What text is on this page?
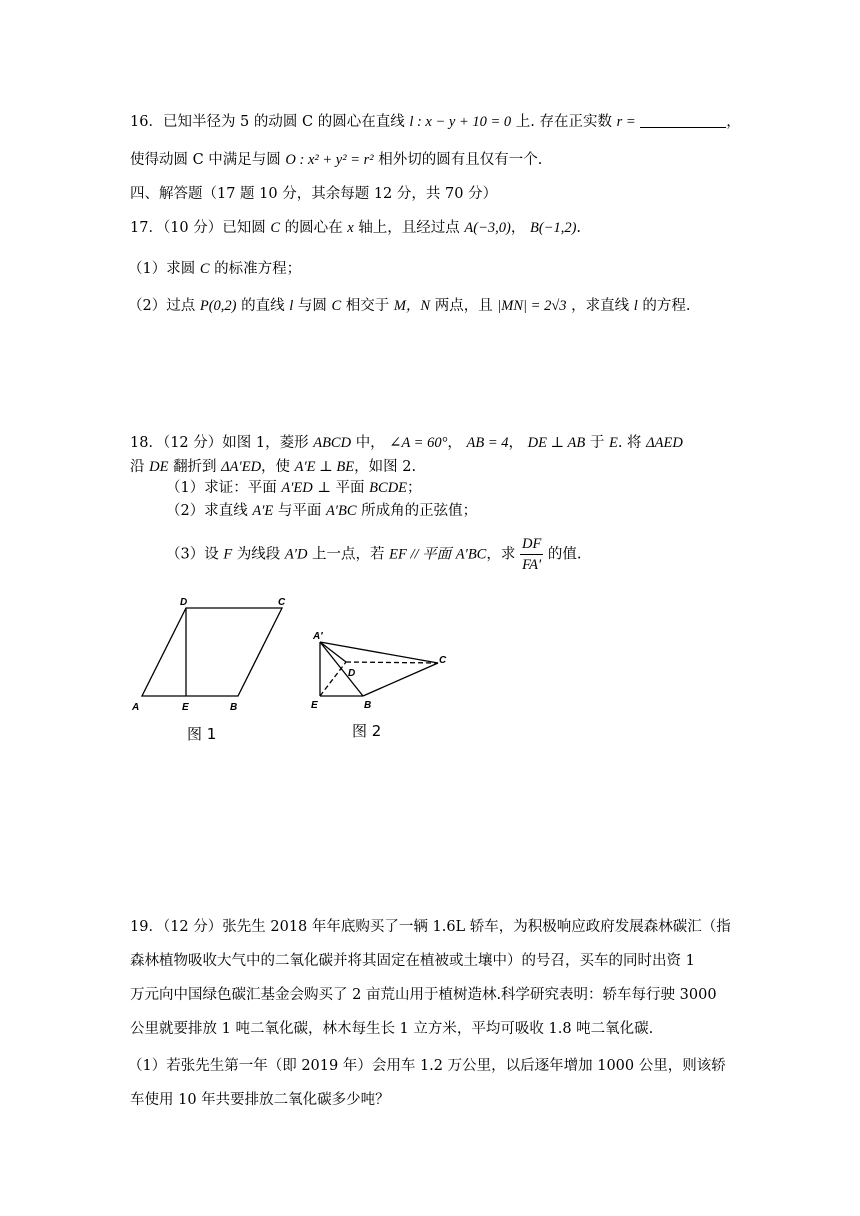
16．已知半径为 5 的动圆 C 的圆心在直线 l : x − y + 10 = 0 上. 存在正实数 r =	，
使得动圆 C 中满足与圆 O : x² + y² = r² 相外切的圆有且仅有一个.
四、解答题（17 题 10 分，其余每题 12 分，共 70 分）
17．（10 分）已知圆 C 的圆心在 x 轴上，且经过点 A(−3,0)， B(−1,2).
（1）求圆 C 的标准方程；
（2）过点 P(0,2) 的直线 l 与圆 C 相交于 M，N 两点，且 |MN| = 2√3 ，求直线 l 的方程.
18．（12 分）如图 1，菱形 ABCD 中， ∠A = 60°， AB = 4， DE ⊥ AB 于 E. 将 ΔAED
沿 DE 翻折到 ΔA′ED，使 A′E ⊥ BE，如图 2.
（1）求证：平面 A′ED ⊥ 平面 BCDE；
（2）求直线 A′E 与平面 A′BC 所成角的正弦值；
（3）设 F 为线段 A′D 上一点，若 EF // 平面 A′BC，求 $\frac{DF}{FA'}$ 的值.
A	E	B
D	C
图 1
A′
D
C
E	B
图 2
19．（12 分）张先生 2018 年年底购买了一辆 1.6L 轿车，为积极响应政府发展森林碳汇（指
森林植物吸收大气中的二氧化碳并将其固定在植被或土壤中）的号召，买车的同时出资 1
万元向中国绿色碳汇基金会购买了 2 亩荒山用于植树造林.科学研究表明：轿车每行驶 3000
公里就要排放 1 吨二氧化碳，林木每生长 1 立方米，平均可吸收 1.8 吨二氧化碳.
（1）若张先生第一年（即 2019 年）会用车 1.2 万公里，以后逐年增加 1000 公里，则该轿
车使用 10 年共要排放二氧化碳多少吨？
